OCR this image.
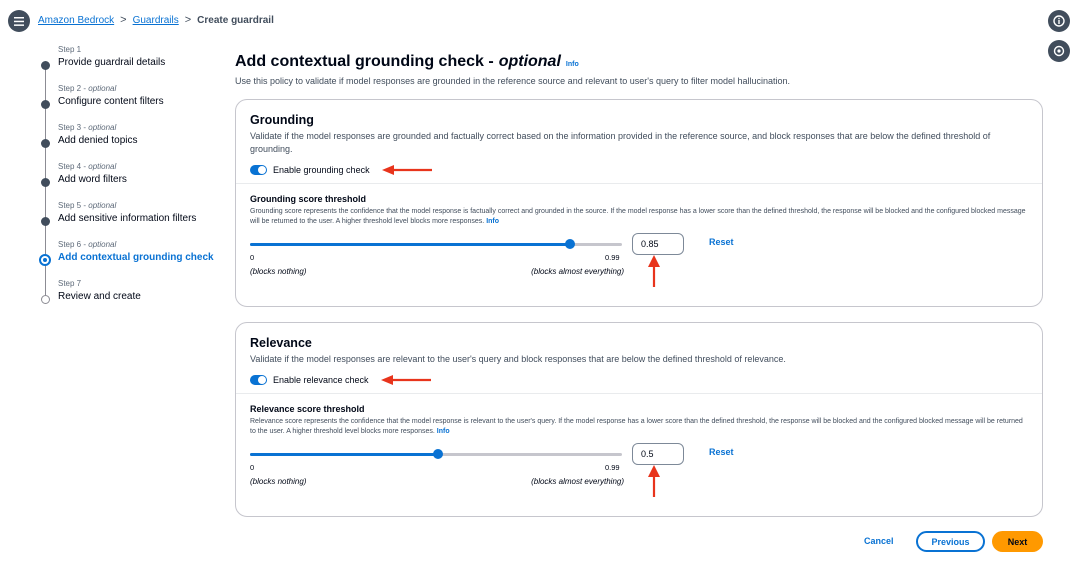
Amazon Bedrock > Guardrails > Create guardrail
Step 1
Provide guardrail details
Step 2 - optional
Configure content filters
Step 3 - optional
Add denied topics
Step 4 - optional
Add word filters
Step 5 - optional
Add sensitive information filters
Step 6 - optional
Add contextual grounding check
Step 7
Review and create
Add contextual grounding check - optional Info
Use this policy to validate if model responses are grounded in the reference source and relevant to user's query to filter model hallucination.
Grounding
Validate if the model responses are grounded and factually correct based on the information provided in the reference source, and block responses that are below the defined threshold of grounding.
Enable grounding check
Grounding score threshold
Grounding score represents the confidence that the model response is factually correct and grounded in the source. If the model response has a lower score than the defined threshold, the response will be blocked and the configured blocked message will be returned to the user. A higher threshold level blocks more responses. Info
0	0.99
(blocks nothing)	(blocks almost everything)
0.85
Reset
Relevance
Validate if the model responses are relevant to the user's query and block responses that are below the defined threshold of relevance.
Enable relevance check
Relevance score threshold
Relevance score represents the confidence that the model response is relevant to the user's query. If the model response has a lower score than the defined threshold, the response will be blocked and the configured blocked message will be returned to the user. A higher threshold level blocks more responses. Info
0	0.99
(blocks nothing)	(blocks almost everything)
0.5
Reset
Cancel	Previous	Next
